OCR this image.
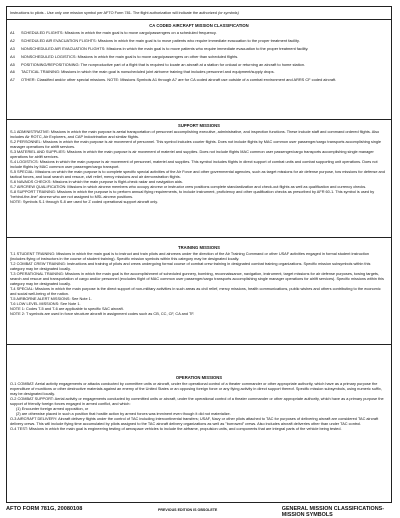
Instructions to pilots - Use only one mission symbol per AFTO Form 781. The flight authorization will indicate the authorized (or symbols)
CA CODED AIRCRAFT MISSION CLASSIFICATION
A1	SCHEDULED FLIGHTS: Missions in which the main goal is to move cargo/passengers on a scheduled frequency.
A2	SCHEDULED AIR EVACUATION FLIGHTS: Missions in which the main goal is to move patients who require immediate evacuation to the proper treatment facility.
A3	NONSCHEDULED AIR EVACUATION FLIGHTS: Missions in which the main goal is to move patients who require immediate evacuation to the proper treatment facility.
A4	NONSCHEDULED LOGISTICS: Missions in which the main goal is to move cargo/passengers on other than scheduled flights.
A5	POSITIONING/REPOSITIONING: The nonproductive part of a flight that is required to locate an aircraft at a station for onload or returning an aircraft to home station.
A6	TACTICAL TRAINING: Missions in which the main goal is nonscheduled joint airborne training that includes personnel and equipment/supply drops.
A7	OTHER: Classified and/or other special missions. NOTE: Missions Symbols A1 through A7 are for CA coded aircraft use outside of a combat environment and ARRS CF coded aircraft.
SUPPORT MISSIONS
S-1 ADMINISTRATIVE: Missions in which the main purpose is aerial transportation of personnel accomplishing executive, administrative, and inspection functions. These include staff and command ordered flights. Also includes Air ROTC, Air Explorers, and CAP Indoctrination and similar flights.
S-2 PERSONNEL: Missions in which the main purpose is air movement of personnel. This symbol includes courier flights. Does not include flights by MAC common user passenger/cargo transports accomplishing single manager operations for airlift services.
S-3 MATERIEL AND SUPPLIES: Missions in which the main purpose is air movement of materiel and supplies. Does not include flights MAC common user passenger/cargo transports accomplishing single manager operations for airlift services.
S-4 LOGISTICS: Missions in which the main purpose is air movement of personnel, materiel and supplies. This symbol includes flights in direct support of combat units and combat supporting unit operations. Does not include flights by MAC common user passenger/cargo transport.
S-5 SPECIAL: Missions on which the main purpose is to complete specific special activities of the Air Force and other governmental agencies, such as target missions for air defense purpose, tow missions for defense and tactical forces, and local search and rescue, civil relief, mercy missions and air demonstration flights.
S-6 NAVAIDS CHECKS: Missions in which the main purpose is flight-check radar and navigation aids.
S-7 AIRCREW QUALIFICATION: Missions in which aircrew members who occupy aircrew or instructor crew positions complete standardization and check-out flights as well as qualification and currency checks.
S-8 SUPPORT TRAINING: Missions in which the purpose is to perform annual flying requirements, to include instrument, proficiency and other qualification checks as prescribed by AFR 60-1. This symbol is used by "behind-the-line" aircrew who are not assigned to MSL aircrew positions.
NOTE: Symbols S-1 through S-8 are used for Z coded operational support aircraft only.
TRAINING MISSIONS
T-1 STUDENT TRAINING: Missions in which the main goal is to instruct and train pilots and aircrews under the direction of the Air Training Command or other USAF activities engaged in formal student instruction (includes flying of instructors in the course of student training). Specific mission symbols within this category may be designated locally.
T-2 COMBAT CREW TRAINING: Instructions and training of pilots and crews undergoing formal course of combat crew training in designated combat training organizations. Specific mission subsymbols within this category may be designated locally.
T-3 OPERATIONAL TRAINING: Missions in which the main goal is the accomplishment of scheduled gunnery, bombing, reconnaissance, navigation, instrument, target missions for air defense purposes, towing targets, search and rescue and transportation of cargo and/or personnel (excludes flight of MAC common user passenger/cargo transports accomplishing single manager operations for airlift services). Specific missions within this category may be designated locally.
T-4 SPECIAL: Missions in which the main purpose is the direct support of non-military activities in such areas as civil relief, mercy missions, health communications, public wishes and others contributing to the economic and social well-being of the nation.
T-5 AIRBORNE ALERT MISSIONS: See Note 1.
T-6 LOW LEVEL MISSIONS: See Note 1.
NOTE 1: Codes T-5 and T-6 are applicable to specific SAC aircraft.
NOTE 2: T symbols are used in force structure aircraft in assignment codes such as CB, CC, CF, CA and TF.
OPERATION MISSIONS
O-1 COMBAT: Aerial activity engagements or attacks conducted by committee units or aircraft, under the operational control of a theater commander or other appropriate authority, which have as a primary purpose the expenditure of munitions or other destructive materials against an enemy of the United States or an opposing foreign force or any flying activity in direct support thereof. Specific mission subsymbols, using numeric suffix, may be designated locally.
O-2 COMBAT SUPPORT: Aerial activity or engagements conducted by committed units or aircraft, under the operational control of a theater commander or other appropriate authority, which have as a primary purpose the support of friendly foreign forces engaged in armed conflict, and which:
(1) Encounter foreign armed opposition, or
(2) are otherwise placed in such a position that hostile action by armed forces was imminent even though it did not materialize.
O-3 AIRCRAFT DELIVERY: Aircraft delivery flights under the control of TAC including intercontinental transfers; USAF, Navy or other pilots attached to TAC for purposes of delivering aircraft are considered TAC aircraft delivery crews. This will include flying time accumulated by pilots assigned to the TAC aircraft delivery organizations as well as "borrowed" crews. Also includes aircraft deliveries other than under TAC control.
O-4 TEST: Missions in which the main goal is engineering testing of aerospace vehicles to include the airframe, propulsion units, and components that are integral parts of the vehicle being tested.
AFTO FORM 781G, 20080108	PREVIOUS EDITION IS OBSOLETE	GENERAL MISSION CLASSIFICATIONS-
MISSION SYMBOLS
